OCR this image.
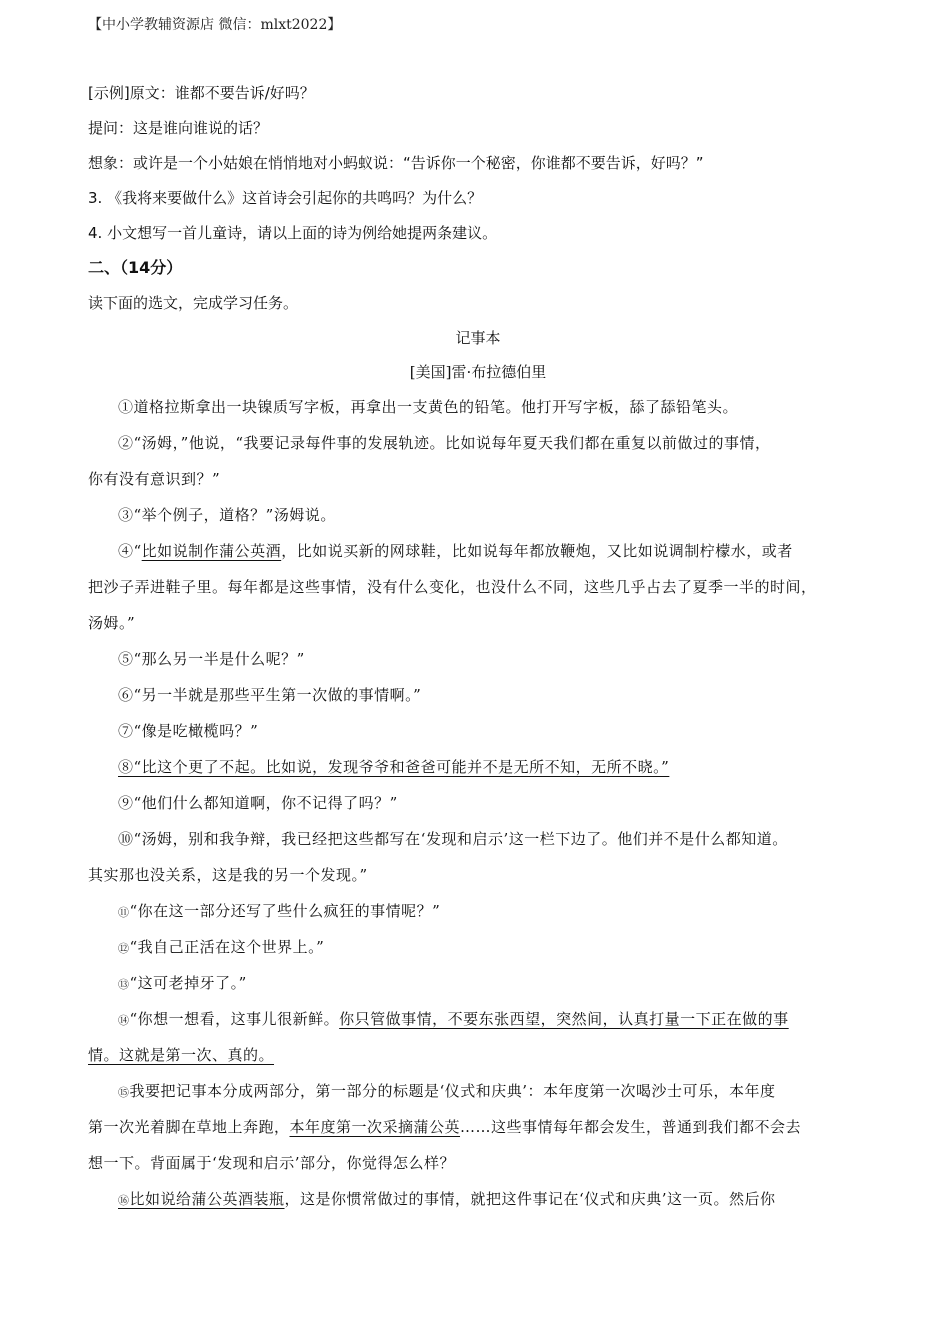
【中小学教辅资源店 微信：mlxt2022】

[示例]原文：谁都不要告诉/好吗？

提问：这是谁向谁说的话？

想象：或许是一个小姑娘在悄悄地对小蚂蚁说：“告诉你一个秘密，你谁都不要告诉，好吗？”

3. 《我将来要做什么》这首诗会引起你的共鸣吗？为什么？

4. 小文想写一首儿童诗，请以上面的诗为例给她提两条建议。

二、（14分）

读下面的选文，完成学习任务。

记事本

[美国]雷·布拉德伯里

①道格拉斯拿出一块镍质写字板，再拿出一支黄色的铅笔。他打开写字板，舔了舔铅笔头。

②“汤姆，”他说，“我要记录每件事的发展轨迹。比如说每年夏天我们都在重复以前做过的事情，

你有没有意识到？”

③“举个例子，道格？”汤姆说。

④“比如说制作蒲公英酒，比如说买新的网球鞋，比如说每年都放鞭炮，又比如说调制柠檬水，或者

把沙子弄进鞋子里。每年都是这些事情，没有什么变化，也没什么不同，这些几乎占去了夏季一半的时间，

汤姆。”

⑤“那么另一半是什么呢？”

⑥“另一半就是那些平生第一次做的事情啊。”

⑦“像是吃橄榄吗？”

⑧“比这个更了不起。比如说，发现爷爷和爸爸可能并不是无所不知，无所不晓。”

⑨“他们什么都知道啊，你不记得了吗？”

⑩“汤姆，别和我争辩，我已经把这些都写在‘发现和启示’这一栏下边了。他们并不是什么都知道。

其实那也没关系，这是我的另一个发现。”

⑪“你在这一部分还写了些什么疯狂的事情呢？”

⑫“我自己正活在这个世界上。”

⑬“这可老掉牙了。”

⑭“你想一想看，这事儿很新鲜。你只管做事情，不要东张西望，突然间，认真打量一下正在做的事

情。这就是第一次、真的。

⑮我要把记事本分成两部分，第一部分的标题是‘仪式和庆典’：本年度第一次喝沙士可乐，本年度

第一次光着脚在草地上奔跑，本年度第一次采摘蒲公英……这些事情每年都会发生，普通到我们都不会去

想一下。背面属于‘发现和启示’部分，你觉得怎么样？

⑯比如说给蒲公英酒装瓶，这是你惯常做过的事情，就把这件事记在‘仪式和庆典’这一页。然后你
